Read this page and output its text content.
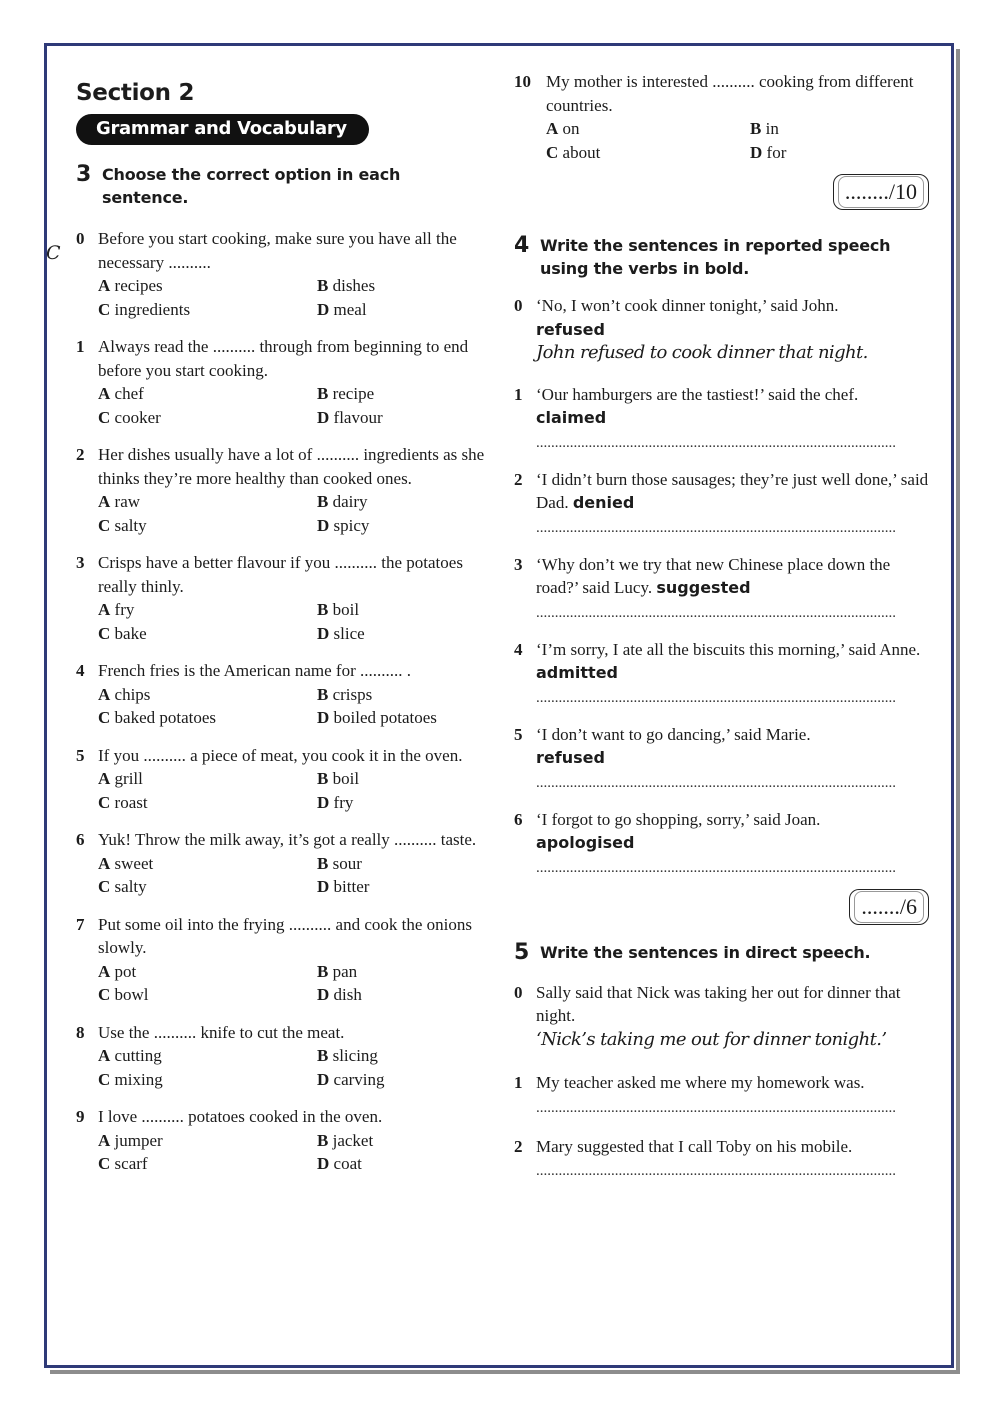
Section 2
Grammar and Vocabulary
3 Choose the correct option in each sentence.
0 Before you start cooking, make sure you have all the necessary ..........
C
A recipes	B dishes
C ingredients	D meal
1 Always read the .......... through from beginning to end before you start cooking.
A chef	B recipe
C cooker	D flavour
2 Her dishes usually have a lot of .......... ingredients as she thinks they’re more healthy than cooked ones.
A raw	B dairy
C salty	D spicy
3 Crisps have a better flavour if you .......... the potatoes really thinly.
A fry	B boil
C bake	D slice
4 French fries is the American name for .......... .
A chips	B crisps
C baked potatoes	D boiled potatoes
5 If you .......... a piece of meat, you cook it in the oven.
A grill	B boil
C roast	D fry
6 Yuk! Throw the milk away, it’s got a really .......... taste.
A sweet	B sour
C salty	D bitter
7 Put some oil into the frying .......... and cook the onions slowly.
A pot	B pan
C bowl	D dish
8 Use the .......... knife to cut the meat.
A cutting	B slicing
C mixing	D carving
9 I love .......... potatoes cooked in the oven.
A jumper	B jacket
C scarf	D coat
10 My mother is interested .......... cooking from different countries.
A on	B in
C about	D for
......../10
4 Write the sentences in reported speech using the verbs in bold.
0 ‘No, I won’t cook dinner tonight,’ said John.
refused
John refused to cook dinner that night.
1 ‘Our hamburgers are the tastiest!’ said the chef. claimed
................................................................................................
2 ‘I didn’t burn those sausages; they’re just well done,’ said Dad. denied
................................................................................................
3 ‘Why don’t we try that new Chinese place down the road?’ said Lucy. suggested
................................................................................................
4 ‘I’m sorry, I ate all the biscuits this morning,’ said Anne. admitted
................................................................................................
5 ‘I don’t want to go dancing,’ said Marie.
refused
................................................................................................
6 ‘I forgot to go shopping, sorry,’ said Joan.
apologised
................................................................................................
......./6
5 Write the sentences in direct speech.
0 Sally said that Nick was taking her out for dinner that night.
‘Nick’s taking me out for dinner tonight.’
1 My teacher asked me where my homework was.
................................................................................................
2 Mary suggested that I call Toby on his mobile.
................................................................................................
